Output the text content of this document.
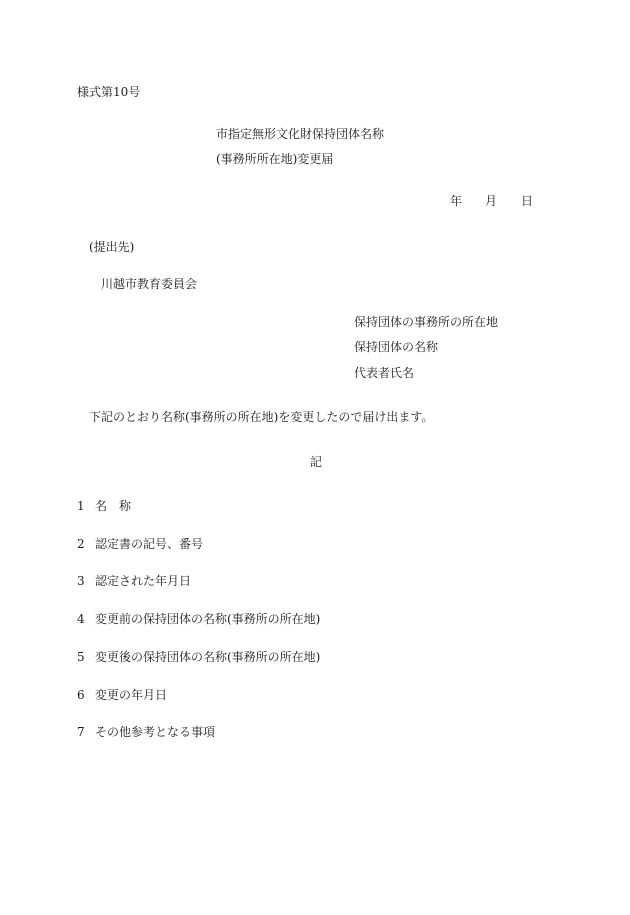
様式第10号
市指定無形文化財保持団体名称
(事務所所在地)変更届
年 月 日
(提出先)
川越市教育委員会
保持団体の事務所の所在地
保持団体の名称
代表者氏名
下記のとおり名称(事務所の所在地)を変更したので届け出ます。
記
1 名　称
2 認定書の記号、番号
3 認定された年月日
4 変更前の保持団体の名称(事務所の所在地)
5 変更後の保持団体の名称(事務所の所在地)
6 変更の年月日
7 その他参考となる事項
